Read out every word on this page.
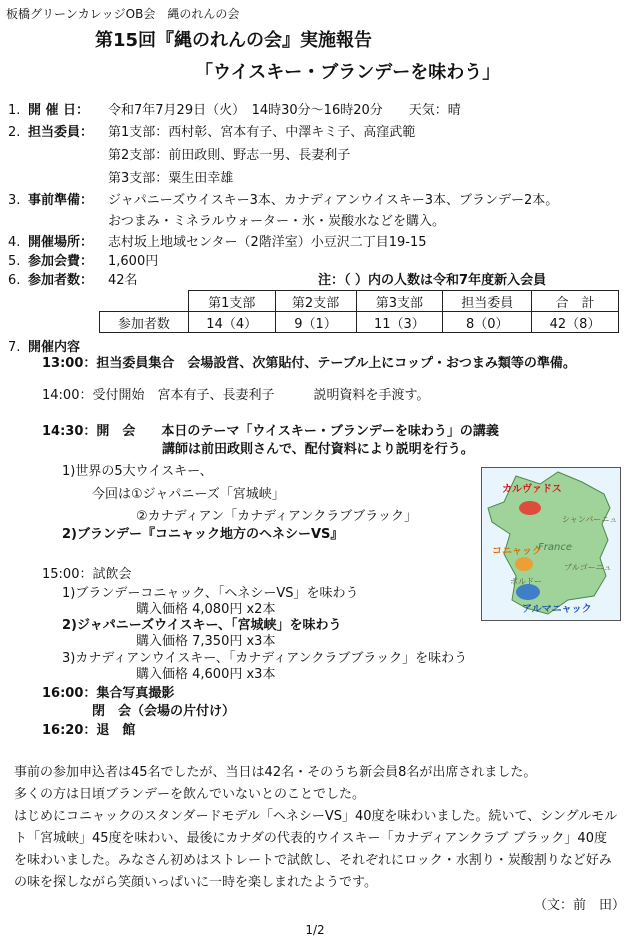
板橋グリーンカレッジOB会　縄のれんの会
第15回『縄のれんの会』実施報告
「ウイスキー・ブランデーを味わう」
1. 開 催 日： 令和7年7月29日（火）　14時30分～16時20分　　天気：晴
2. 担当委員： 第1支部：西村彰、宮本有子、中澤キミ子、高窪武範
第2支部：前田政則、野志一男、長妻利子
第3支部：粟生田幸雄
3. 事前準備： ジャパニーズウイスキー3本、カナディアンウイスキー3本、ブランデー2本。
おつまみ・ミネラルウォーター・氷・炭酸水などを購入。
4. 開催場所： 志村坂上地域センター（2階洋室）小豆沢二丁目19-15
5. 参加会費： 1,600円
6. 参加者数： 42名	注：（ ）内の人数は令和7年度新入会員
	第1支部	第2支部	第3支部	担当委員	合　計
参加者数	14（4）	9（1）	11（3）	8（0）	42（8）
7. 開催内容
13:00：担当委員集合　会場設営、次第貼付、テーブル上にコップ・おつまみ類等の準備。
14:00：受付開始　宮本有子、長妻利子　　　説明資料を手渡す。
14:30：開　会　　本日のテーマ「ウイスキー・ブランデーを味わう」の講義
講師は前田政則さんで、配付資料により説明を行う。
1)世界の5大ウイスキー、
今回は①ジャパニーズ「宮城峡」
②カナディアン「カナディアンクラブブラック」
2)ブランデー『コニャック地方のヘネシーVS』
15:00：試飲会
1)ブランデーコニャック、「ヘネシーVS」を味わう
購入価格 4,080円 x2本
2)ジャパニーズウイスキー、「宮城峡」を味わう
購入価格 7,350円 x3本
3)カナディアンウイスキー、「カナディアンクラブブラック」を味わう
購入価格 4,600円 x3本
16:00：集合写真撮影
閉　会（会場の片付け）
16:20：退　館
カルヴァドス
シャンパーニュ
コニャック
France
ブルゴーニュ
ボルドー
アルマニャック
事前の参加申込者は45名でしたが、当日は42名・そのうち新会員8名が出席されました。
多くの方は日頃ブランデーを飲んでいないとのことでした。
はじめにコニャックのスタンダードモデル「ヘネシーVS」40度を味わいました。続いて、シングルモルト「宮城峡」45度を味わい、最後にカナダの代表的ウイスキー「カナディアンクラブ ブラック」40度を味わいました。みなさん初めはストレートで試飲し、それぞれにロック・水割り・炭酸割りなど好みの味を探しながら笑顔いっぱいに一時を楽しまれたようです。
（文：前　田）
1/2
